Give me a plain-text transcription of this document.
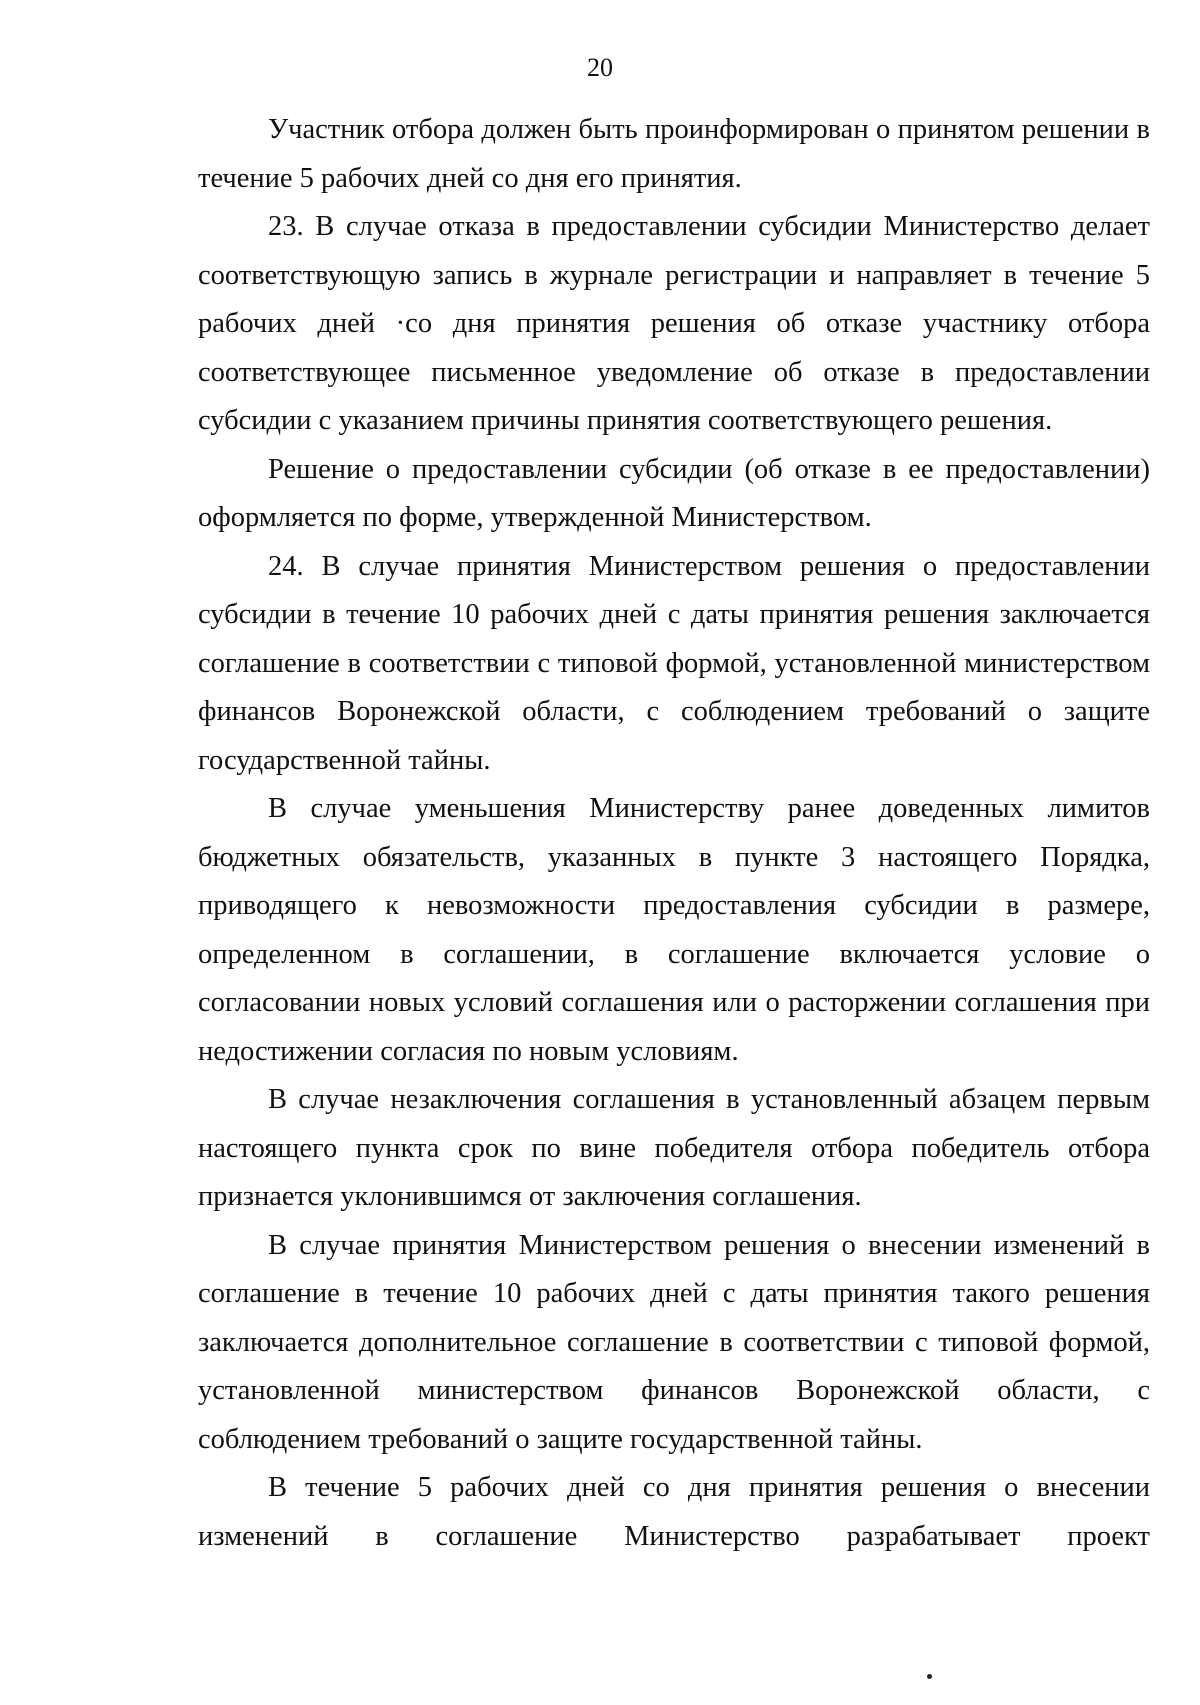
20

Участник отбора должен быть проинформирован о принятом решении в течение 5 рабочих дней со дня его принятия.

23. В случае отказа в предоставлении субсидии Министерство делает соответствующую запись в журнале регистрации и направляет в течение 5 рабочих дней ·со дня принятия решения об отказе участнику отбора соответствующее письменное уведомление об отказе в предоставлении субсидии с указанием причины принятия соответствующего решения.

Решение о предоставлении субсидии (об отказе в ее предоставлении) оформляется по форме, утвержденной Министерством.

24. В случае принятия Министерством решения о предоставлении субсидии в течение 10 рабочих дней с даты принятия решения заключается соглашение в соответствии с типовой формой, установленной министерством финансов Воронежской области, с соблюдением требований о защите государственной тайны.

В случае уменьшения Министерству ранее доведенных лимитов бюджетных обязательств, указанных в пункте 3 настоящего Порядка, приводящего к невозможности предоставления субсидии в размере, определенном в соглашении, в соглашение включается условие о согласовании новых условий соглашения или о расторжении соглашения при недостижении согласия по новым условиям.

В случае незаключения соглашения в установленный абзацем первым настоящего пункта срок по вине победителя отбора победитель отбора признается уклонившимся от заключения соглашения.

В случае принятия Министерством решения о внесении изменений в соглашение в течение 10 рабочих дней с даты принятия такого решения заключается дополнительное соглашение в соответствии с типовой формой, установленной министерством финансов Воронежской области, с соблюдением требований о защите государственной тайны.

В течение 5 рабочих дней со дня принятия решения о внесении изменений в соглашение Министерство разрабатывает проект
